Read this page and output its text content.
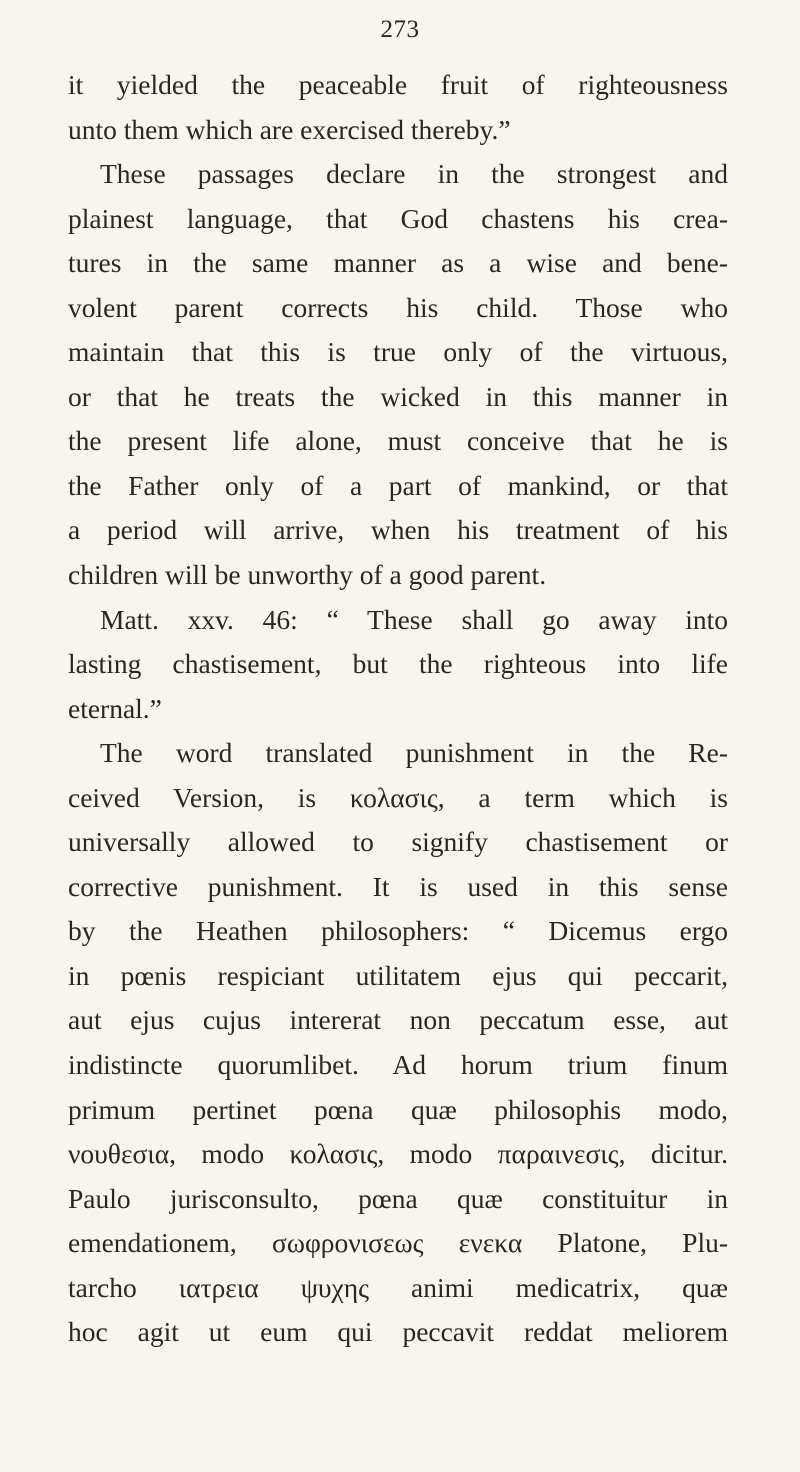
273
it yielded the peaceable fruit of righteousness
unto them which are exercised thereby.”
These passages declare in the strongest and
plainest language, that God chastens his crea-
tures in the same manner as a wise and bene-
volent parent corrects his child. Those who
maintain that this is true only of the virtuous,
or that he treats the wicked in this manner in
the present life alone, must conceive that he is
the Father only of a part of mankind, or that
a period will arrive, when his treatment of his
children will be unworthy of a good parent.
Matt. xxv. 46: “ These shall go away into
lasting chastisement, but the righteous into life
eternal.”
The word translated punishment in the Re-
ceived Version, is κολασις, a term which is
universally allowed to signify chastisement or
corrective punishment. It is used in this sense
by the Heathen philosophers: “ Dicemus ergo
in pœnis respiciant utilitatem ejus qui peccarit,
aut ejus cujus intererat non peccatum esse, aut
indistincte quorumlibet. Ad horum trium finum
primum pertinet pœna quæ philosophis modo,
νουθεσια, modo κολασις, modo παραινεσις, dicitur.
Paulo jurisconsulto, pœna quæ constituitur in
emendationem, σωφρονισεως ενεκα Platone, Plu-
tarcho ιατρεια ψυχης animi medicatrix, quæ
hoc agit ut eum qui peccavit reddat meliorem
